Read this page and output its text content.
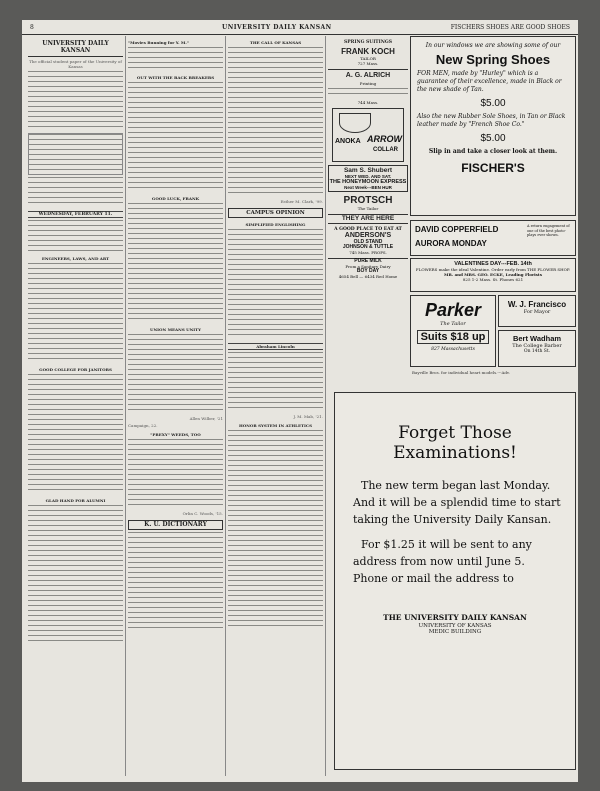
8	UNIVERSITY DAILY KANSAN	FISCHERS SHOES ARE GOOD SHOES
UNIVERSITY DAILY KANSAN

The official student paper of the University of Kansas

WEDNESDAY, FEBRUARY 11.
ENGINEERS, LAWS, AND ART
GOOD COLLEGE FOR JANITORS
GLAD HAND FOR ALUMNI
"Movies Running for Y. M."
OUT WITH THE BACK BREAKERS
GOOD LUCK, FRANK
UNION MEANS UNITY

Allen Wilber, '21

Campaign, 22.

"PREXY" WEEDS, TOO

Orlin C. Woods, '15.

K. U. DICTIONARY
THE CALL OF KANSAS

Esther M. Clark, '99.

CAMPUS OPINION
SIMPLIFIED ENGLISHING
Abraham Lincoln

J. M. Mab, '21.

HONOR SYSTEM IN ATHLETICS
SPRING SUITINGS
FRANK KOCH
TAILOR
727 Mass.
A. G. ALRICH
Printing
744 Mass.
ANOKA ARROW
COLLAR
Sam S. Shubert
NEXT WED. AND SAT.
THE HONEYMOON EXPRESS
Next Week---BEN HUR
PROTSCH
The Tailor
THEY ARE HERE
A GOOD PLACE TO EAT AT
ANDERSON'S
OLD STAND
JOHNSON & TUTTLE
745 Mass. PROPS.
PURE MILK
From a Sanitary Dairy
BOY DAY
4654 Bell — 6434 Red Home
In our windows we are showing some of our
New Spring Shoes
FOR MEN, made by "Hurley" which is a guarantee of their excellence, made in Black or the new shade of Tan.
$5.00
Also the new Rubber Sole Shoes, in Tan or Black leather made by "French Shoe Co."
$5.00
Slip in and take a closer look at them.
FISCHER'S
DAVID COPPERFIELD
AURORA MONDAY
A return engagement of one of the best photo-plays ever shown.
VALENTINES DAY---FEB. 14th
FLOWERS make the ideal Valentine. Order early from THE FLOWER SHOP.
MR. and MRS. GEO. ECKE, Leading Florists
825 1-2 Mass. St. Phones 621
Parker
The Tailor
Suits $18 up
827 Massachusetts
W. J. Francisco
For Mayor
Bert Wadham
The College Barber
On 14th St.
Bayville Bros. for individual heart models.---Adv.
Forget Those
Examinations!
The new term began last Monday. And it will be a splendid time to start taking the University Daily Kansan.
For $1.25 it will be sent to any address from now until June 5. Phone or mail the address to
THE UNIVERSITY DAILY KANSAN
UNIVERSITY OF KANSAS
MEDIC BUILDING
